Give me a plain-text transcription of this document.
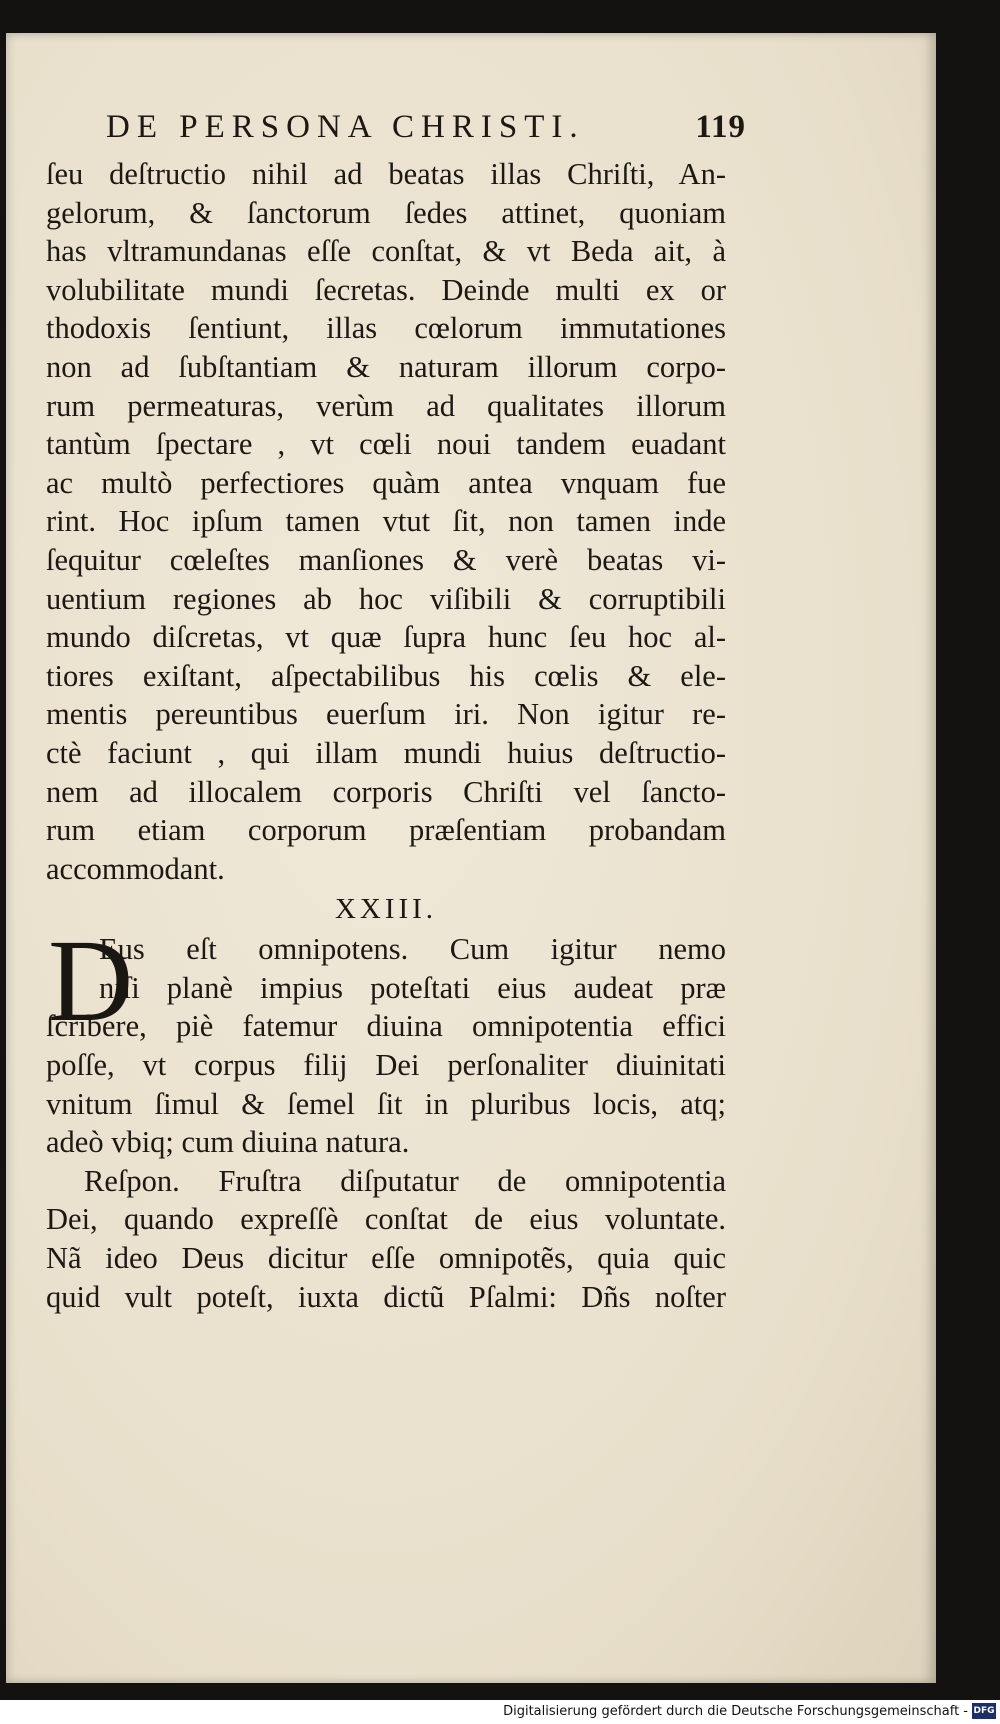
DE PERSONA CHRISTI.	119
ſeu deſtructio nihil ad beatas illas Chriſti, An-
gelorum, & ſanctorum ſedes attinet, quoniam
has vltramundanas eſſe conſtat, & vt Beda ait, à
volubilitate mundi ſecretas. Deinde multi ex or
thodoxis ſentiunt, illas cœlorum immutationes
non ad ſubſtantiam & naturam illorum corpo-
rum permeaturas, verùm ad qualitates illorum
tantùm ſpectare , vt cœli noui tandem euadant
ac multò perfectiores quàm antea vnquam fue
rint. Hoc ipſum tamen vtut ſit, non tamen inde
ſequitur cœleſtes manſiones & verè beatas vi-
uentium regiones ab hoc viſibili & corruptibili
mundo diſcretas, vt quæ ſupra hunc ſeu hoc al-
tiores exiſtant, aſpectabilibus his cœlis & ele-
mentis pereuntibus euerſum iri. Non igitur re-
ctè faciunt , qui illam mundi huius deſtructio-
nem ad illocalem corporis Chriſti vel ſancto-
rum etiam corporum præſentiam probandam
accommodant.
XXIII.
D
Eus eſt omnipotens. Cum igitur nemo
niſi planè impius poteſtati eius audeat præ
ſcribere, piè fatemur diuina omnipotentia effici
poſſe, vt corpus filij Dei perſonaliter diuinitati
vnitum ſimul & ſemel ſit in pluribus locis, atq;
adeò vbiq; cum diuina natura.
Reſpon. Fruſtra diſputatur de omnipotentia
Dei, quando expreſſè conſtat de eius voluntate.
Nã ideo Deus dicitur eſſe omnipotẽs, quia quic
quid vult poteſt, iuxta dictũ Pſalmi: Dñs noſter
Digitalisierung gefördert durch die Deutsche Forschungsgemeinschaft - DFG
